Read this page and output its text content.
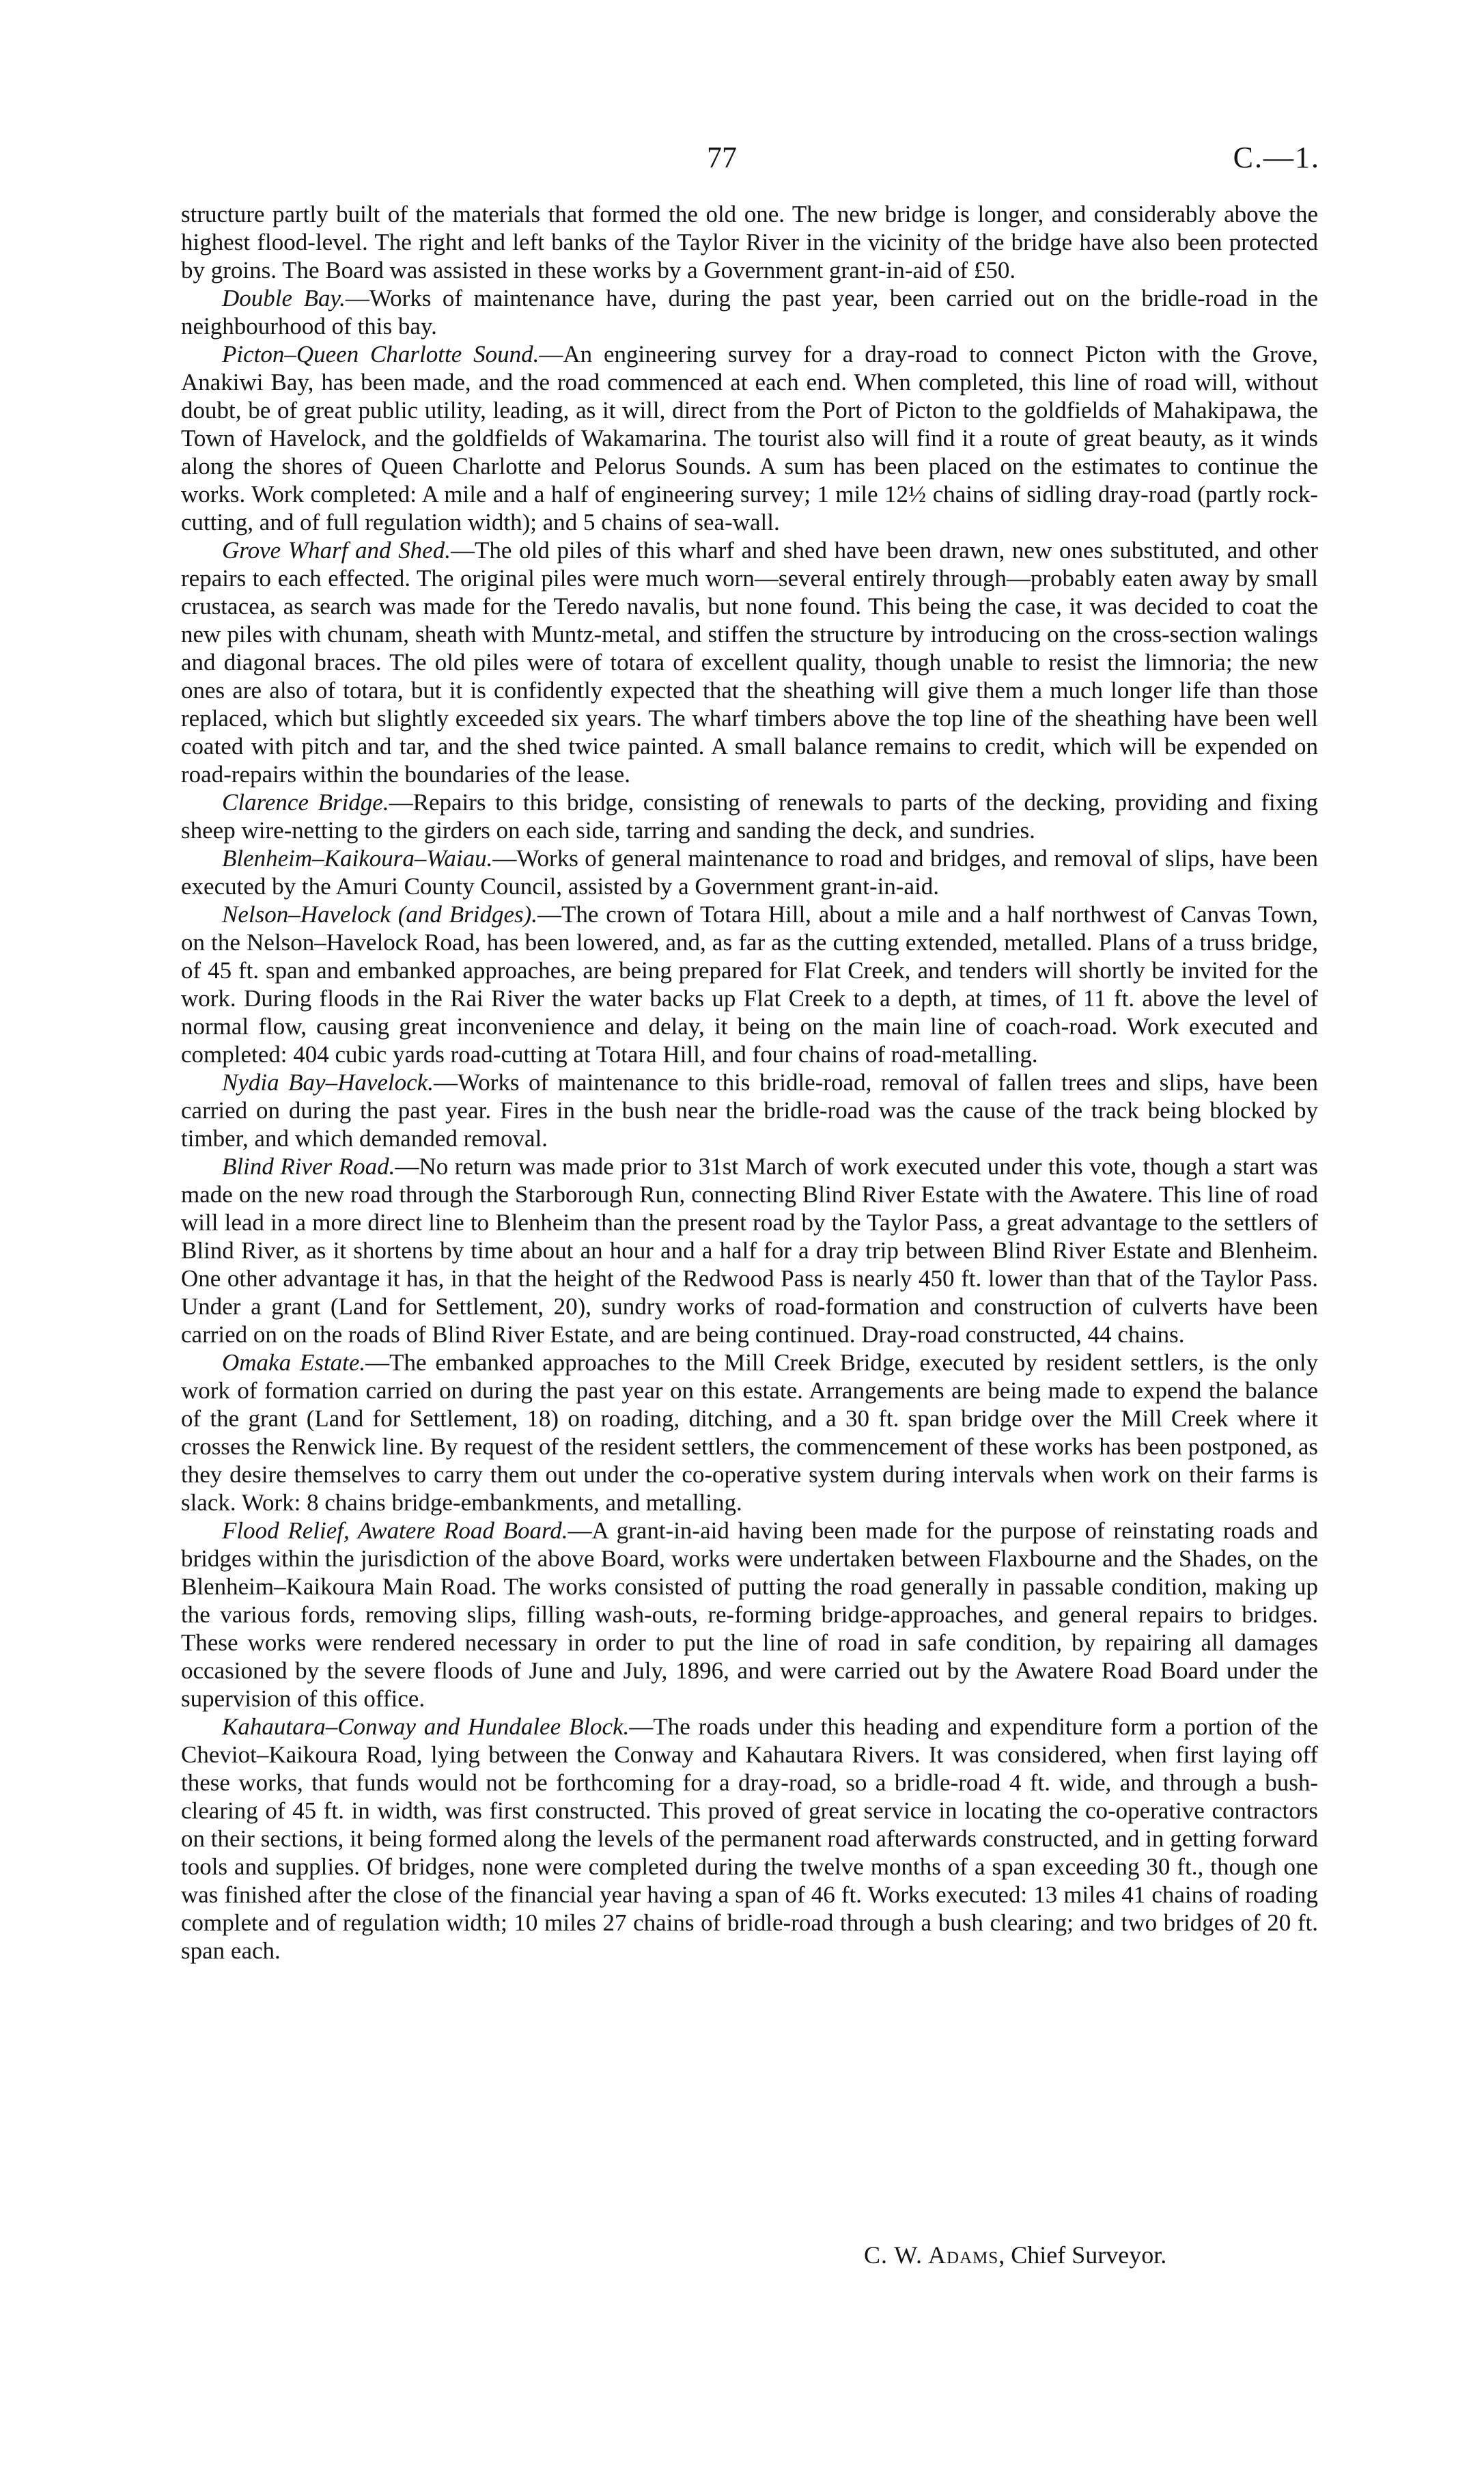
77	C.—1.

structure partly built of the materials that formed the old one. The new bridge is longer, and considerably above the highest flood-level. The right and left banks of the Taylor River in the vicinity of the bridge have also been protected by groins. The Board was assisted in these works by a Government grant-in-aid of £50.

Double Bay.—Works of maintenance have, during the past year, been carried out on the bridle-road in the neighbourhood of this bay.

Picton–Queen Charlotte Sound.—An engineering survey for a dray-road to connect Picton with the Grove, Anakiwi Bay, has been made, and the road commenced at each end. When completed, this line of road will, without doubt, be of great public utility, leading, as it will, direct from the Port of Picton to the goldfields of Mahakipawa, the Town of Havelock, and the goldfields of Wakamarina. The tourist also will find it a route of great beauty, as it winds along the shores of Queen Charlotte and Pelorus Sounds. A sum has been placed on the estimates to continue the works. Work completed: A mile and a half of engineering survey; 1 mile 12½ chains of sidling dray-road (partly rock-cutting, and of full regulation width); and 5 chains of sea-wall.

Grove Wharf and Shed.—The old piles of this wharf and shed have been drawn, new ones substituted, and other repairs to each effected. The original piles were much worn—several entirely through—probably eaten away by small crustacea, as search was made for the Teredo navalis, but none found. This being the case, it was decided to coat the new piles with chunam, sheath with Muntz-metal, and stiffen the structure by introducing on the cross-section walings and diagonal braces. The old piles were of totara of excellent quality, though unable to resist the limnoria; the new ones are also of totara, but it is confidently expected that the sheathing will give them a much longer life than those replaced, which but slightly exceeded six years. The wharf timbers above the top line of the sheathing have been well coated with pitch and tar, and the shed twice painted. A small balance remains to credit, which will be expended on road-repairs within the boundaries of the lease.

Clarence Bridge.—Repairs to this bridge, consisting of renewals to parts of the decking, providing and fixing sheep wire-netting to the girders on each side, tarring and sanding the deck, and sundries.

Blenheim–Kaikoura–Waiau.—Works of general maintenance to road and bridges, and removal of slips, have been executed by the Amuri County Council, assisted by a Government grant-in-aid.

Nelson–Havelock (and Bridges).—The crown of Totara Hill, about a mile and a half northwest of Canvas Town, on the Nelson–Havelock Road, has been lowered, and, as far as the cutting extended, metalled. Plans of a truss bridge, of 45 ft. span and embanked approaches, are being prepared for Flat Creek, and tenders will shortly be invited for the work. During floods in the Rai River the water backs up Flat Creek to a depth, at times, of 11 ft. above the level of normal flow, causing great inconvenience and delay, it being on the main line of coach-road. Work executed and completed: 404 cubic yards road-cutting at Totara Hill, and four chains of road-metalling.

Nydia Bay–Havelock.—Works of maintenance to this bridle-road, removal of fallen trees and slips, have been carried on during the past year. Fires in the bush near the bridle-road was the cause of the track being blocked by timber, and which demanded removal.

Blind River Road.—No return was made prior to 31st March of work executed under this vote, though a start was made on the new road through the Starborough Run, connecting Blind River Estate with the Awatere. This line of road will lead in a more direct line to Blenheim than the present road by the Taylor Pass, a great advantage to the settlers of Blind River, as it shortens by time about an hour and a half for a dray trip between Blind River Estate and Blenheim. One other advantage it has, in that the height of the Redwood Pass is nearly 450 ft. lower than that of the Taylor Pass. Under a grant (Land for Settlement, 20), sundry works of road-formation and construction of culverts have been carried on on the roads of Blind River Estate, and are being continued. Dray-road constructed, 44 chains.

Omaka Estate.—The embanked approaches to the Mill Creek Bridge, executed by resident settlers, is the only work of formation carried on during the past year on this estate. Arrangements are being made to expend the balance of the grant (Land for Settlement, 18) on roading, ditching, and a 30 ft. span bridge over the Mill Creek where it crosses the Renwick line. By request of the resident settlers, the commencement of these works has been postponed, as they desire themselves to carry them out under the co-operative system during intervals when work on their farms is slack. Work: 8 chains bridge-embankments, and metalling.

Flood Relief, Awatere Road Board.—A grant-in-aid having been made for the purpose of reinstating roads and bridges within the jurisdiction of the above Board, works were undertaken between Flaxbourne and the Shades, on the Blenheim–Kaikoura Main Road. The works consisted of putting the road generally in passable condition, making up the various fords, removing slips, filling wash-outs, re-forming bridge-approaches, and general repairs to bridges. These works were rendered necessary in order to put the line of road in safe condition, by repairing all damages occasioned by the severe floods of June and July, 1896, and were carried out by the Awatere Road Board under the supervision of this office.

Kahautara–Conway and Hundalee Block.—The roads under this heading and expenditure form a portion of the Cheviot–Kaikoura Road, lying between the Conway and Kahautara Rivers. It was considered, when first laying off these works, that funds would not be forthcoming for a dray-road, so a bridle-road 4 ft. wide, and through a bush-clearing of 45 ft. in width, was first constructed. This proved of great service in locating the co-operative contractors on their sections, it being formed along the levels of the permanent road afterwards constructed, and in getting forward tools and supplies. Of bridges, none were completed during the twelve months of a span exceeding 30 ft., though one was finished after the close of the financial year having a span of 46 ft. Works executed: 13 miles 41 chains of roading complete and of regulation width; 10 miles 27 chains of bridle-road through a bush clearing; and two bridges of 20 ft. span each.

C. W. Adams, Chief Surveyor.
